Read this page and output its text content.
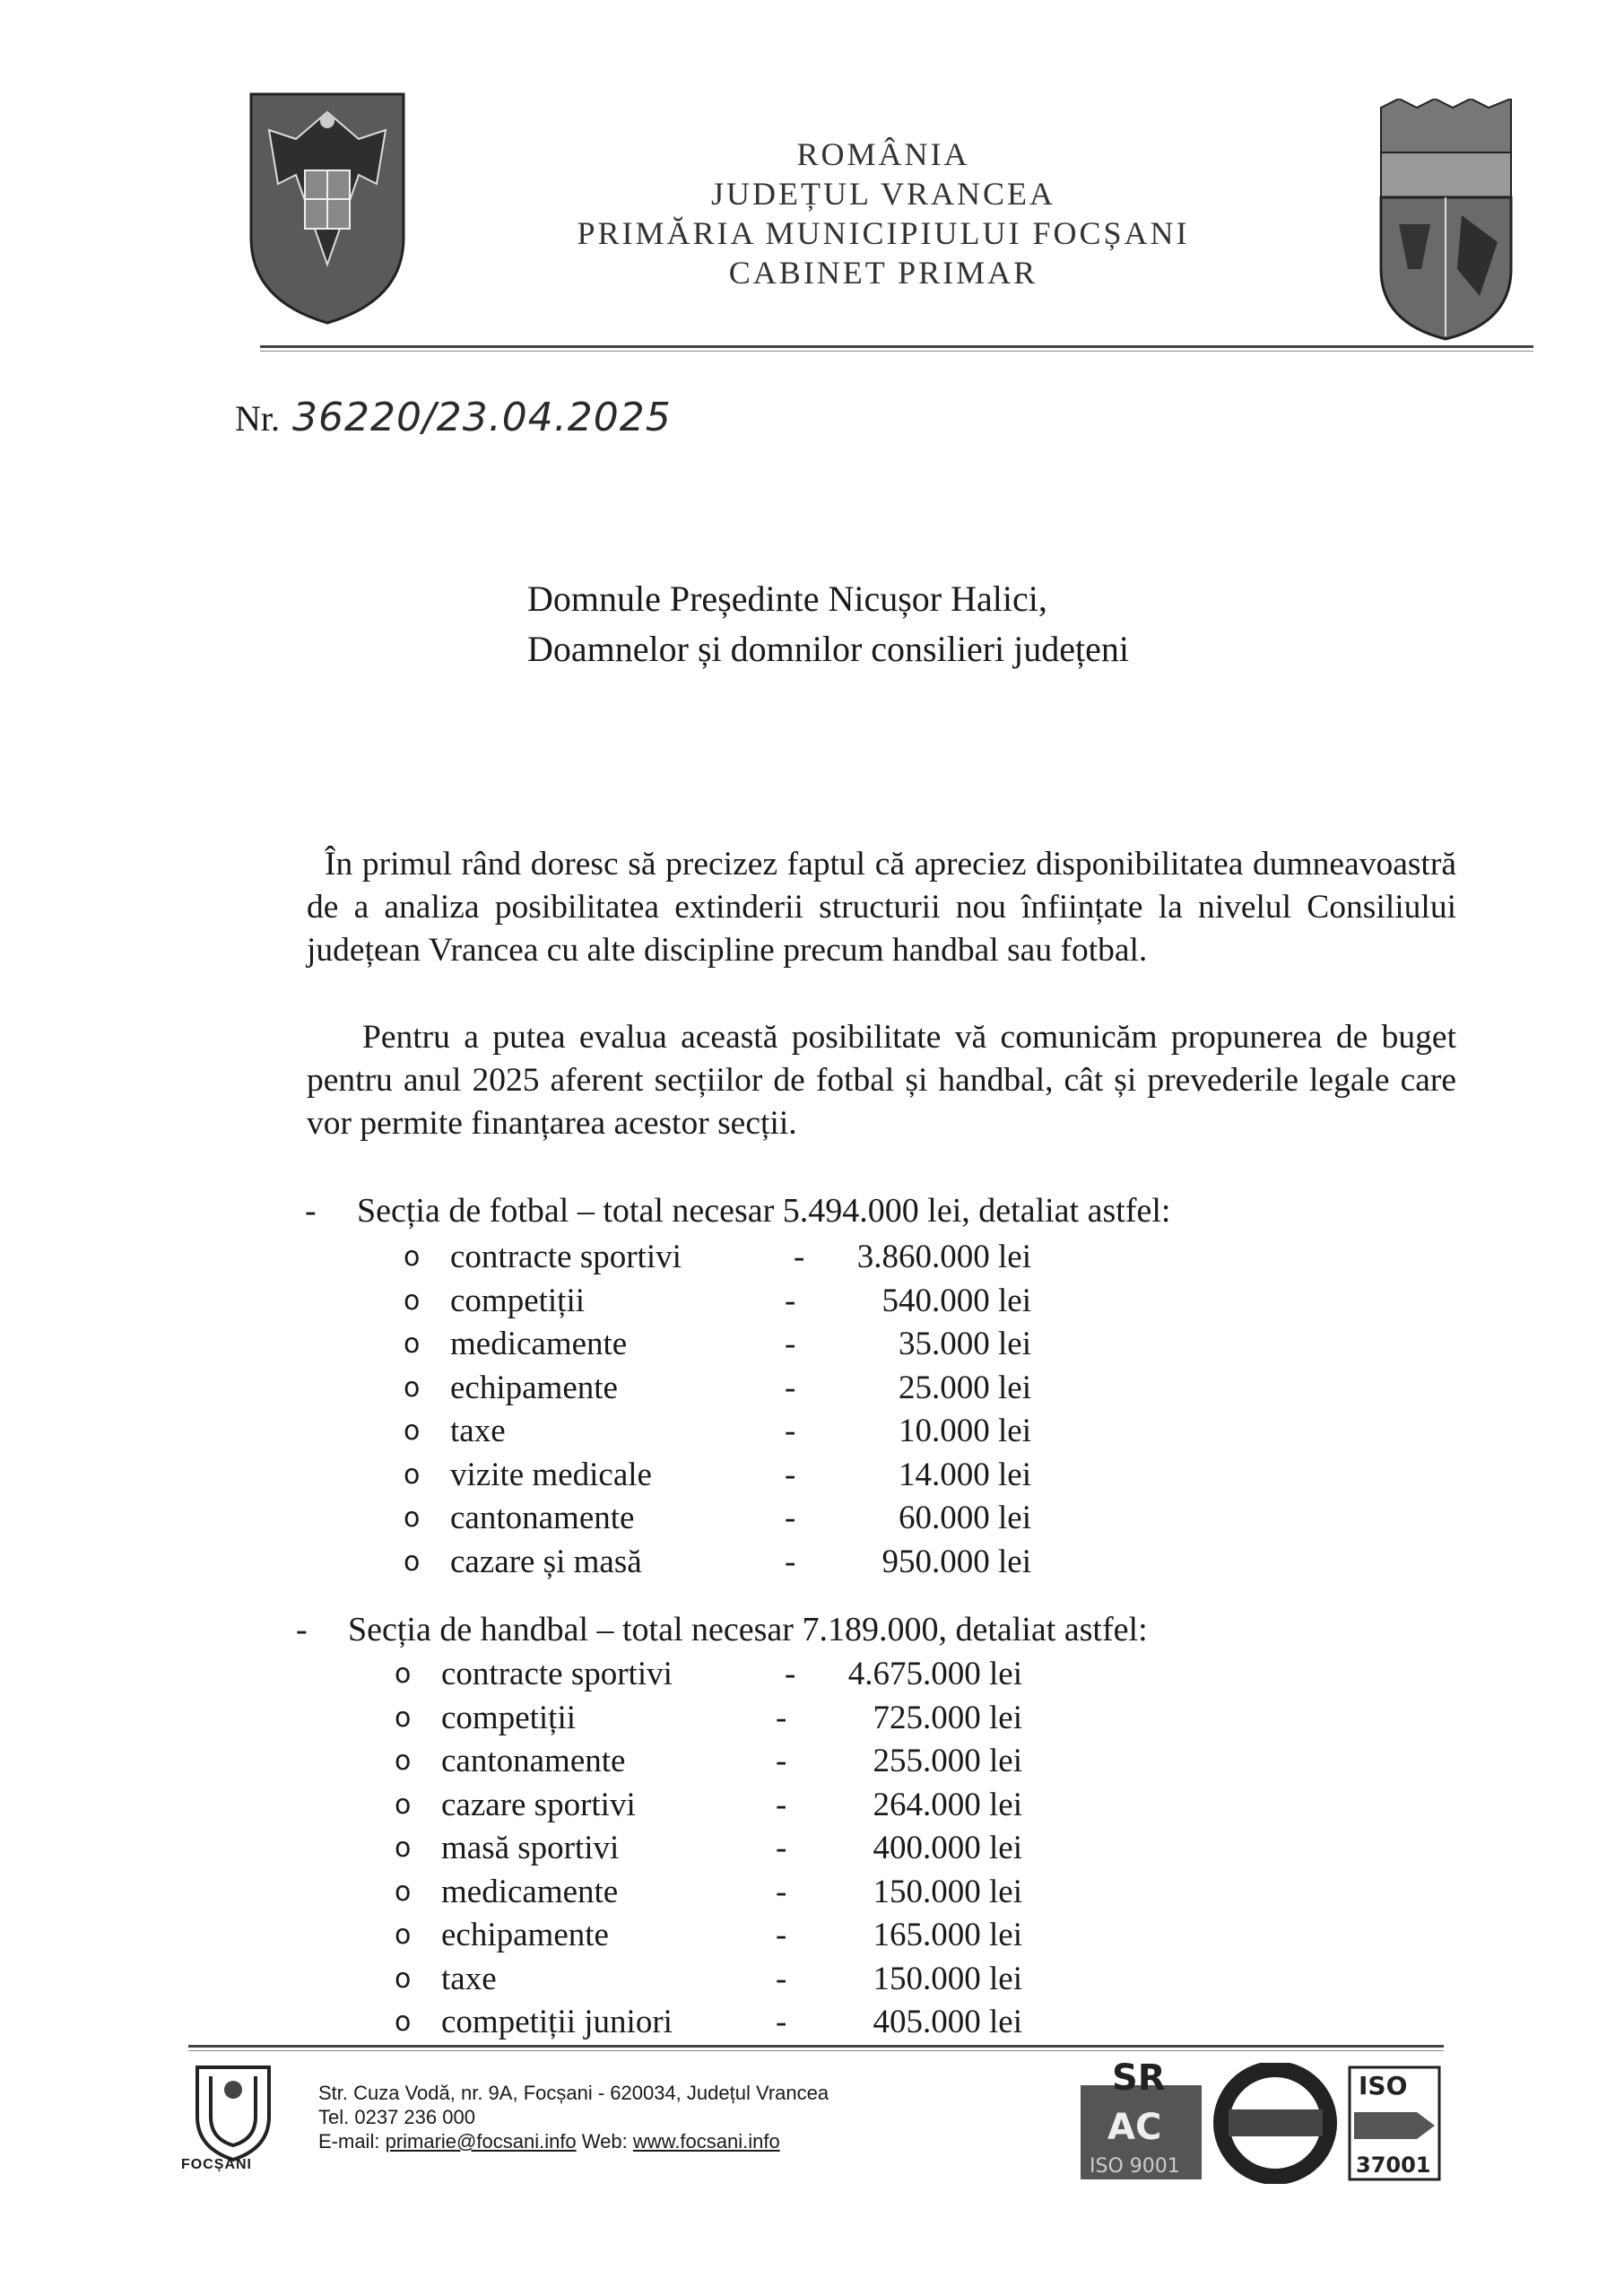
ROMÂNIA
JUDEȚUL VRANCEA
PRIMĂRIA MUNICIPIULUI FOCȘANI
CABINET PRIMAR
Nr. 36220/23.04.2025
Domnule Președinte Nicușor Halici,
Doamnelor și domnilor consilieri județeni
În primul rând doresc să precizez faptul că apreciez disponibilitatea dumneavoastră de a analiza posibilitatea extinderii structurii nou înființate la nivelul Consiliului județean Vrancea cu alte discipline precum handbal sau fotbal.
Pentru a putea evalua această posibilitate vă comunicăm propunerea de buget pentru anul 2025 aferent secțiilor de fotbal și handbal, cât și prevederile legale care vor permite finanțarea acestor secții.
- Secția de fotbal – total necesar 5.494.000 lei, detaliat astfel:
o contracte sportivi	-	3.860.000 lei
o competiții	-	540.000 lei
o medicamente	-	35.000 lei
o echipamente	-	25.000 lei
o taxe	-	10.000 lei
o vizite medicale	-	14.000 lei
o cantonamente	-	60.000 lei
o cazare și masă	-	950.000 lei
- Secția de handbal – total necesar 7.189.000, detaliat astfel:
o contracte sportivi	-	4.675.000 lei
o competiții	-	725.000 lei
o cantonamente	-	255.000 lei
o cazare sportivi	-	264.000 lei
o masă sportivi	-	400.000 lei
o medicamente	-	150.000 lei
o echipamente	-	165.000 lei
o taxe	-	150.000 lei
o competiții juniori	-	405.000 lei
FOCȘANI
Str. Cuza Vodă, nr. 9A, Focșani - 620034, Județul Vrancea
Tel. 0237 236 000
E-mail: primarie@focsani.info Web: www.focsani.info
SR
AC
ISO 9001
ISO
37001
